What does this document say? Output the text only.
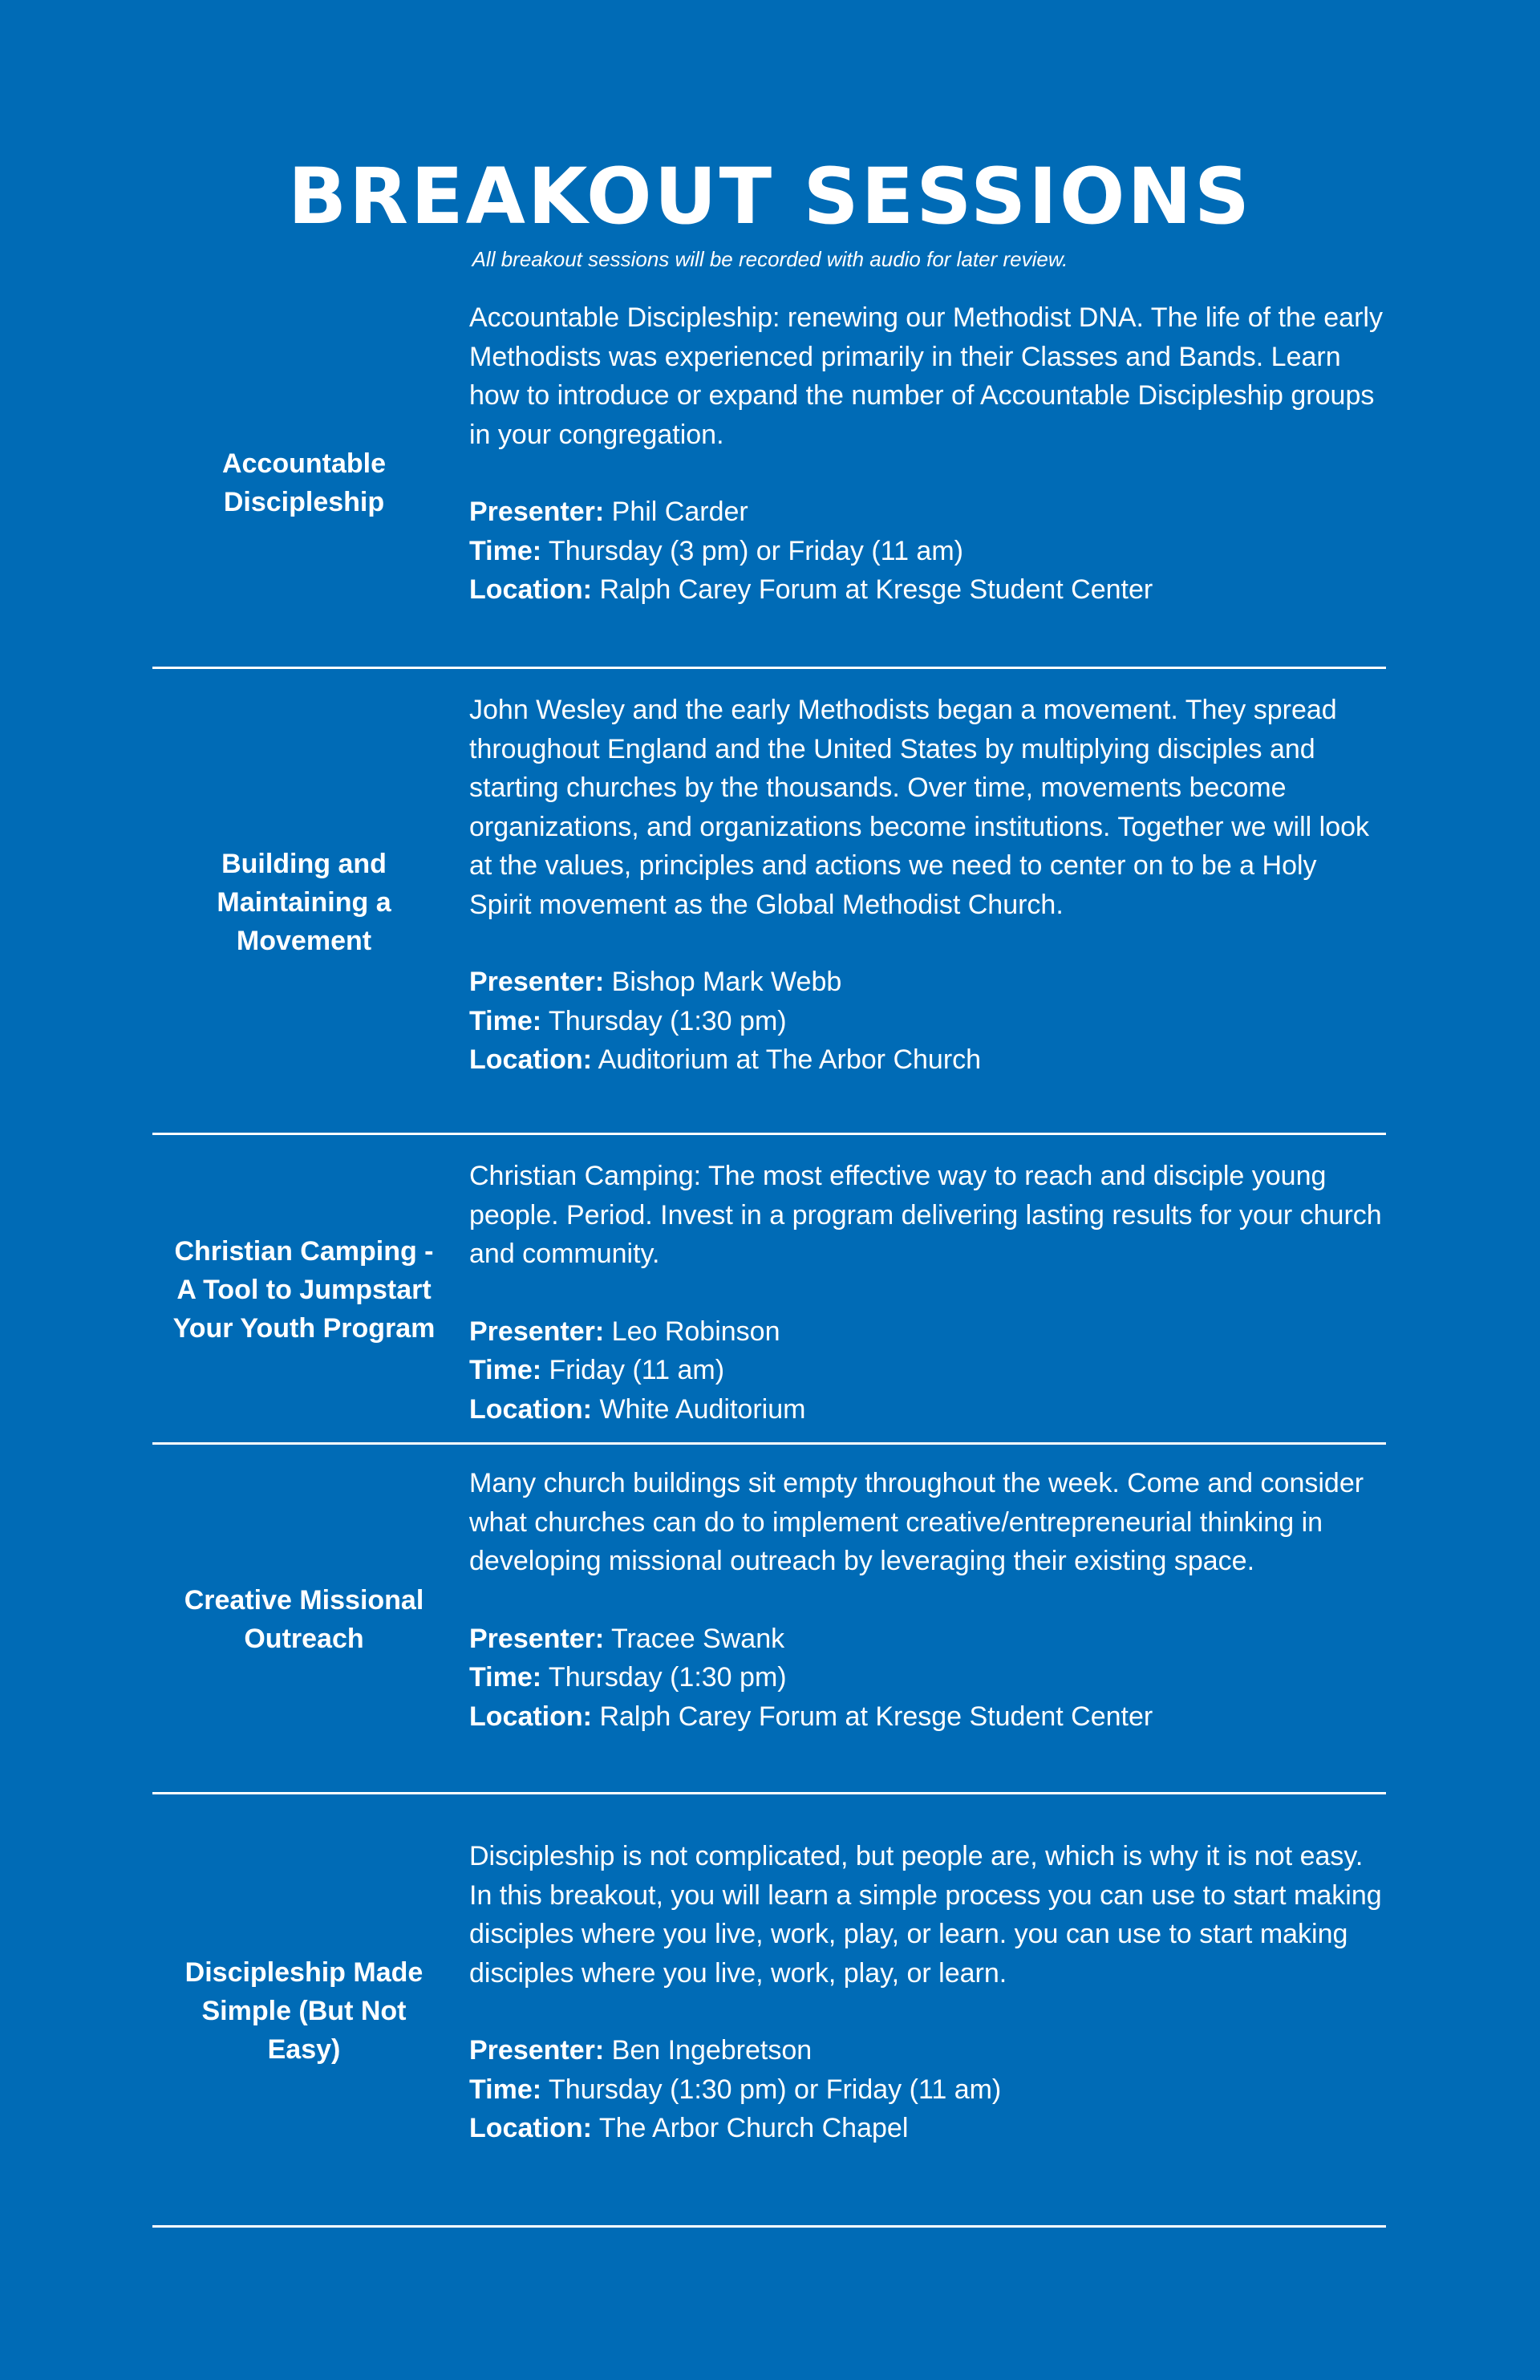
BREAKOUT SESSIONS

All breakout sessions will be recorded with audio for later review.

Accountable Discipleship

Accountable Discipleship: renewing our Methodist DNA. The life of the early Methodists was experienced primarily in their Classes and Bands. Learn how to introduce or expand the number of Accountable Discipleship groups in your congregation.

Presenter: Phil Carder
Time: Thursday (3 pm) or Friday (11 am)
Location: Ralph Carey Forum at Kresge Student Center

Building and Maintaining a Movement

John Wesley and the early Methodists began a movement. They spread throughout England and the United States by multiplying disciples and starting churches by the thousands. Over time, movements become organizations, and organizations become institutions. Together we will look at the values, principles and actions we need to center on to be a Holy Spirit movement as the Global Methodist Church.

Presenter: Bishop Mark Webb
Time: Thursday (1:30 pm)
Location: Auditorium at The Arbor Church

Christian Camping - A Tool to Jumpstart Your Youth Program

Christian Camping: The most effective way to reach and disciple young people. Period. Invest in a program delivering lasting results for your church and community.

Presenter: Leo Robinson
Time: Friday (11 am)
Location: White Auditorium

Creative Missional Outreach

Many church buildings sit empty throughout the week. Come and consider what churches can do to implement creative/entrepreneurial thinking in developing missional outreach by leveraging their existing space.

Presenter: Tracee Swank
Time: Thursday (1:30 pm)
Location: Ralph Carey Forum at Kresge Student Center

Discipleship Made Simple (But Not Easy)

Discipleship is not complicated, but people are, which is why it is not easy. In this breakout, you will learn a simple process you can use to start making disciples where you live, work, play, or learn. you can use to start making disciples where you live, work, play, or learn.

Presenter: Ben Ingebretson
Time: Thursday (1:30 pm) or Friday (11 am)
Location: The Arbor Church Chapel
